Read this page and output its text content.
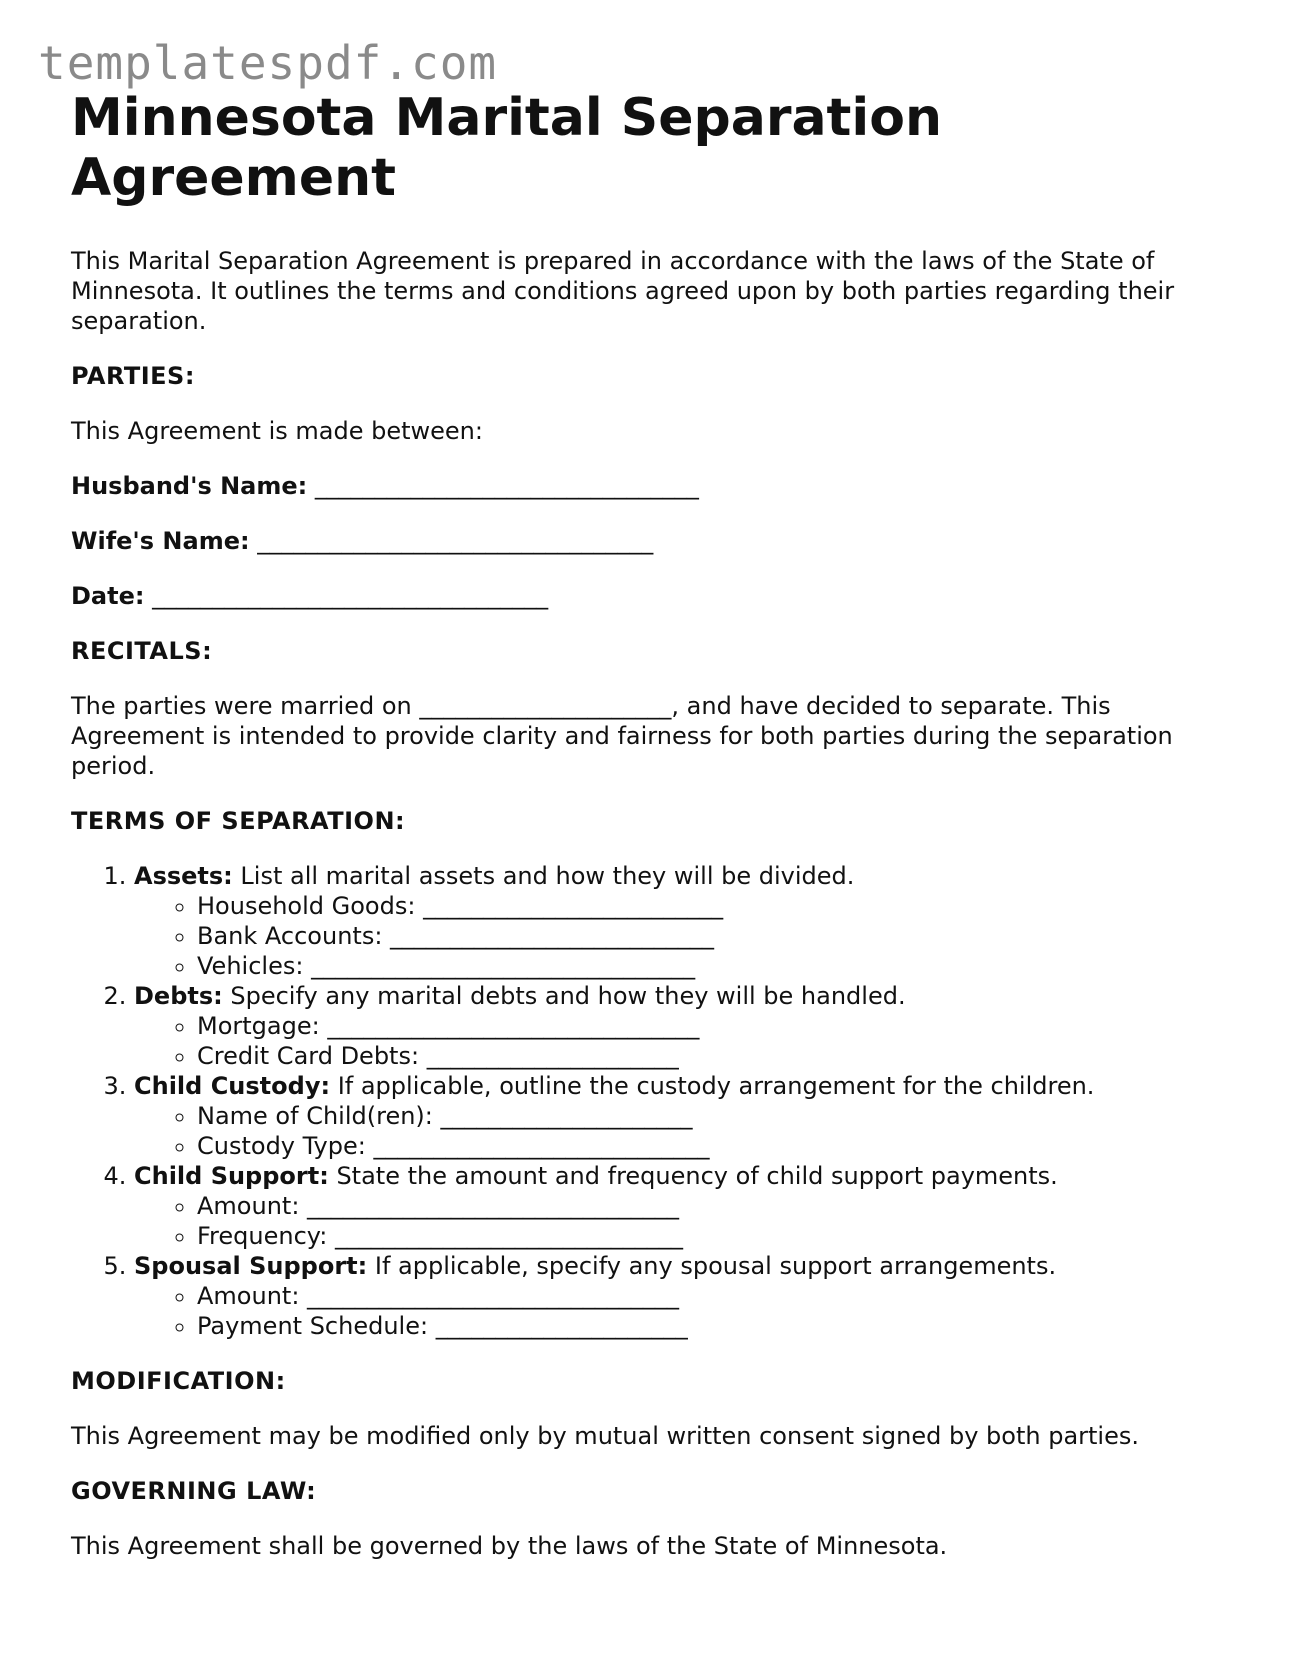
templatespdf.com
Minnesota Marital Separation Agreement

This Marital Separation Agreement is prepared in accordance with the laws of the State of Minnesota. It outlines the terms and conditions agreed upon by both parties regarding their separation.

PARTIES:

This Agreement is made between:

Husband's Name: ________________________________

Wife's Name: _________________________________

Date: _________________________________

RECITALS:

The parties were married on _____________________, and have decided to separate. This Agreement is intended to provide clarity and fairness for both parties during the separation period.

TERMS OF SEPARATION:

1. Assets: List all marital assets and how they will be divided.
◦ Household Goods: _________________________
◦ Bank Accounts: ___________________________
◦ Vehicles: ________________________________
2. Debts: Specify any marital debts and how they will be handled.
◦ Mortgage: _______________________________
◦ Credit Card Debts: _____________________
3. Child Custody: If applicable, outline the custody arrangement for the children.
◦ Name of Child(ren): _____________________
◦ Custody Type: ____________________________
4. Child Support: State the amount and frequency of child support payments.
◦ Amount: _______________________________
◦ Frequency: _____________________________
5. Spousal Support: If applicable, specify any spousal support arrangements.
◦ Amount: _______________________________
◦ Payment Schedule: _____________________

MODIFICATION:

This Agreement may be modified only by mutual written consent signed by both parties.

GOVERNING LAW:

This Agreement shall be governed by the laws of the State of Minnesota.
